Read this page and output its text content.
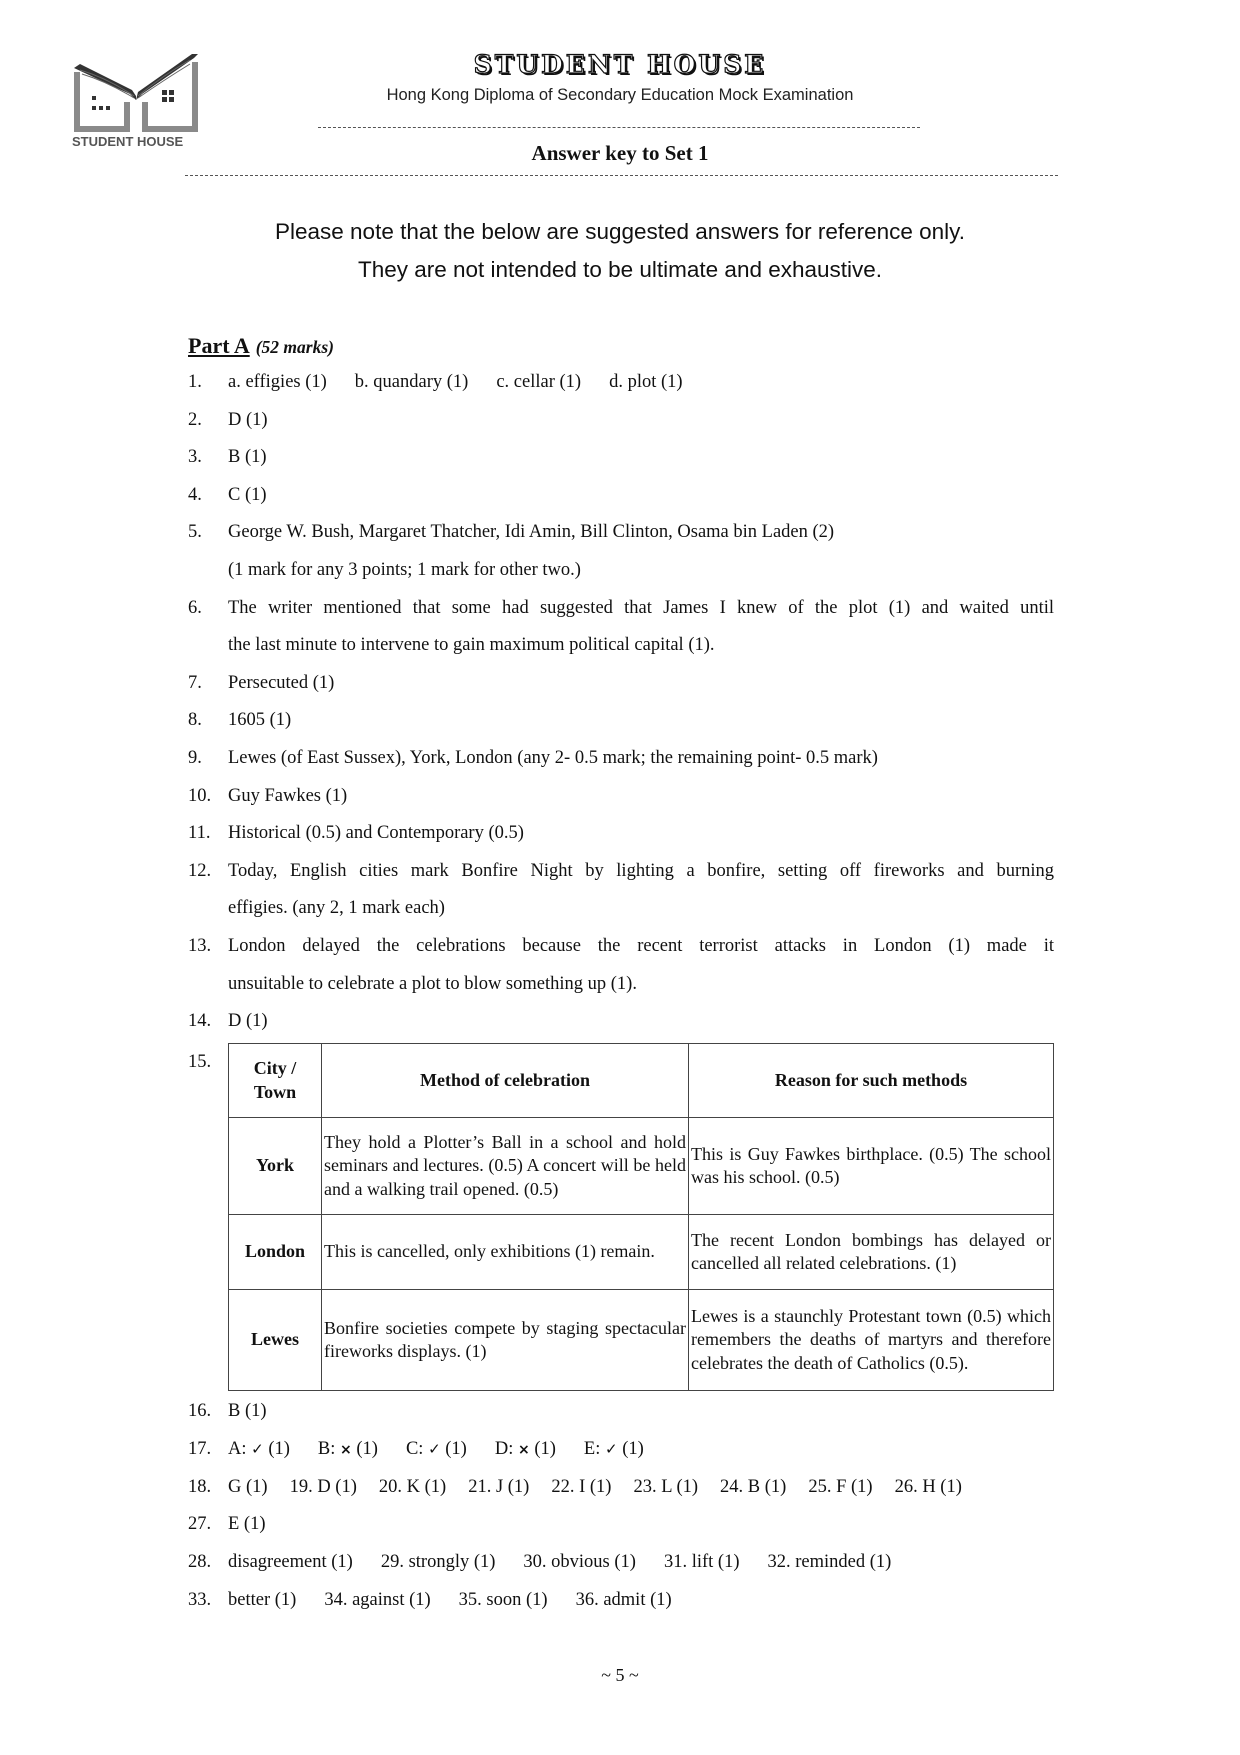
STUDENT HOUSE
STUDENT HOUSE
Hong Kong Diploma of Secondary Education Mock Examination
Answer key to Set 1
Please note that the below are suggested answers for reference only.
They are not intended to be ultimate and exhaustive.
Part A (52 marks)
1. a. effigies (1) b. quandary (1) c. cellar (1) d. plot (1)
2. D (1)
3. B (1)
4. C (1)
5. George W. Bush, Margaret Thatcher, Idi Amin, Bill Clinton, Osama bin Laden (2)
(1 mark for any 3 points; 1 mark for other two.)
6. The writer mentioned that some had suggested that James I knew of the plot (1) and waited until
the last minute to intervene to gain maximum political capital (1).
7. Persecuted (1)
8. 1605 (1)
9. Lewes (of East Sussex), York, London (any 2- 0.5 mark; the remaining point- 0.5 mark)
10. Guy Fawkes (1)
11. Historical (0.5) and Contemporary (0.5)
12. Today, English cities mark Bonfire Night by lighting a bonfire, setting off fireworks and burning
effigies. (any 2, 1 mark each)
13. London delayed the celebrations because the recent terrorist attacks in London (1) made it
unsuitable to celebrate a plot to blow something up (1).
14. D (1)
15. City /
Town	Method of celebration	Reason for such methods
York	They hold a Plotter’s Ball in a school and hold seminars and lectures. (0.5) A concert will be held and a walking trail opened. (0.5)	This is Guy Fawkes birthplace. (0.5) The school was his school. (0.5)
London	This is cancelled, only exhibitions (1) remain.	The recent London bombings has delayed or cancelled all related celebrations. (1)
Lewes	Bonfire societies compete by staging spectacular fireworks displays. (1)	Lewes is a staunchly Protestant town (0.5) which remembers the deaths of martyrs and therefore celebrates the death of Catholics (0.5).
16. B (1)
17. A: ✓ (1) B: × (1) C: ✓ (1) D: × (1) E: ✓ (1)
18. G (1) 19. D (1) 20. K (1) 21. J (1) 22. I (1) 23. L (1) 24. B (1) 25. F (1) 26. H (1)
27. E (1)
28. disagreement (1) 29. strongly (1) 30. obvious (1) 31. lift (1) 32. reminded (1)
33. better (1) 34. against (1) 35. soon (1) 36. admit (1)
~ 5 ~
